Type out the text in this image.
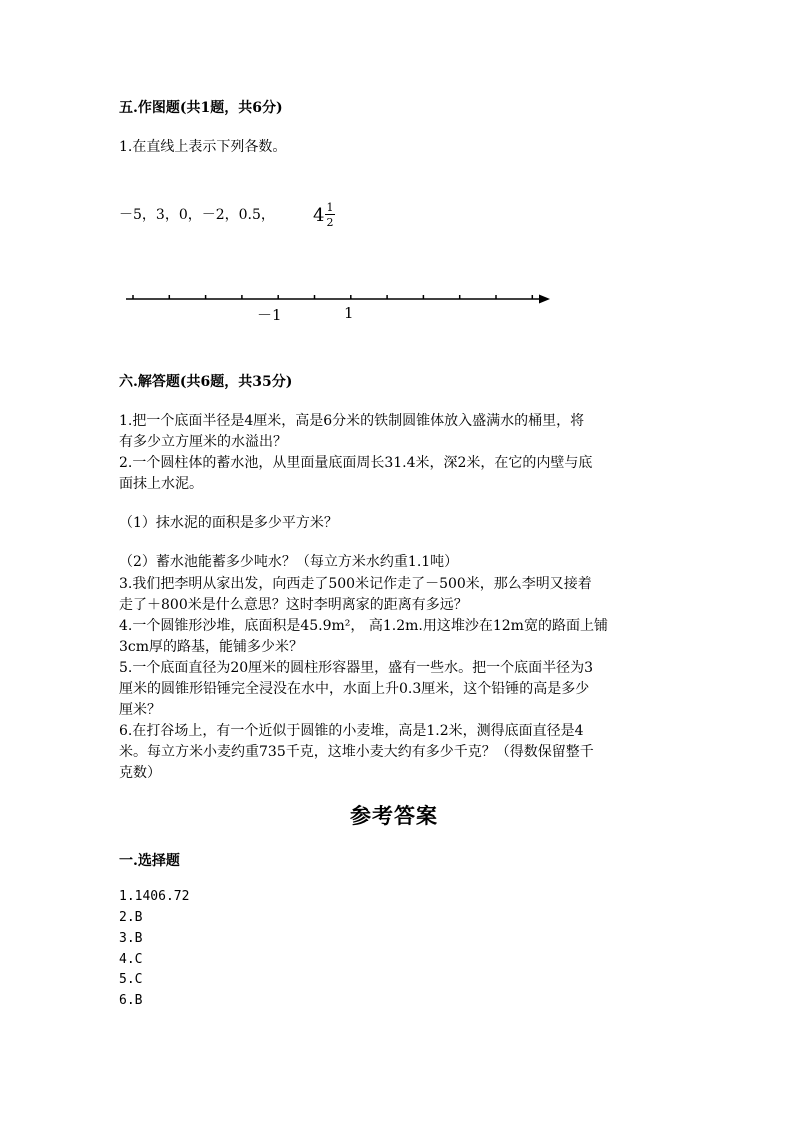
五.作图题(共1题，共6分)
1.在直线上表示下列各数。
－5，3，0，－2，0.5， 4 1
2
－1	1
六.解答题(共6题，共35分)
1.把一个底面半径是4厘米，高是6分米的铁制圆锥体放入盛满水的桶里，将
有多少立方厘米的水溢出？
2.一个圆柱体的蓄水池，从里面量底面周长31.4米，深2米，在它的内壁与底
面抹上水泥。
（1）抹水泥的面积是多少平方米？
（2）蓄水池能蓄多少吨水？（每立方米水约重1.1吨）
3.我们把李明从家出发，向西走了500米记作走了－500米，那么李明又接着
走了＋800米是什么意思？这时李明离家的距离有多远？
4.一个圆锥形沙堆，底面积是45.9m²， 高1.2m.用这堆沙在12m宽的路面上铺
3cm厚的路基，能铺多少米？
5.一个底面直径为20厘米的圆柱形容器里，盛有一些水。把一个底面半径为3
厘米的圆锥形铅锤完全浸没在水中，水面上升0.3厘米，这个铅锤的高是多少
厘米？
6.在打谷场上，有一个近似于圆锥的小麦堆，高是1.2米，测得底面直径是4
米。每立方米小麦约重735千克，这堆小麦大约有多少千克？（得数保留整千
克数）
参考答案
一.选择题
1.1406.72
2.B
3.B
4.C
5.C
6.B
